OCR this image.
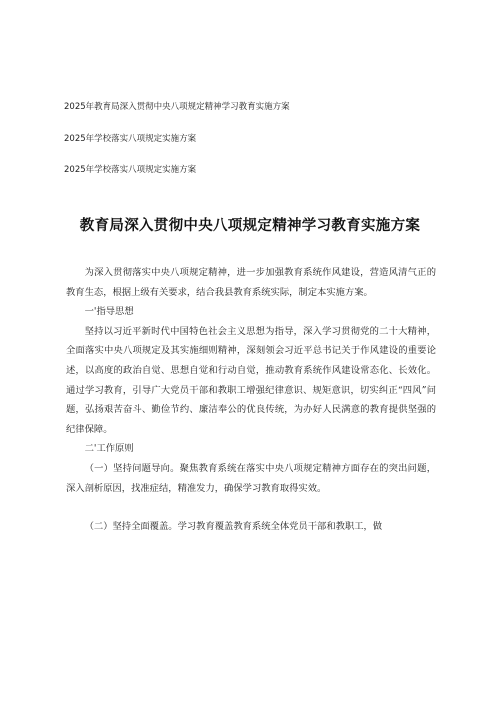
2025年教育局深入贯彻中央八项规定精神学习教育实施方案
2025年学校落实八项规定实施方案
2025年学校落实八项规定实施方案
教育局深入贯彻中央八项规定精神学习教育实施方案

为深入贯彻落实中央八项规定精神，进一步加强教育系统作风建设，营造风清气正的教育生态，根据上级有关要求，结合我县教育系统实际，制定本实施方案。

一'指导思想

坚持以习近平新时代中国特色社会主义思想为指导，深入学习贯彻党的二十大精神，全面落实中央八项规定及其实施细则精神，深刻领会习近平总书记关于作风建设的重要论述，以高度的政治自觉、思想自觉和行动自觉，推动教育系统作风建设常态化、长效化。通过学习教育，引导广大党员干部和教职工增强纪律意识、规矩意识，切实纠正“四风”问题，弘扬艰苦奋斗、勤俭节约、廉洁奉公的优良传统，为办好人民满意的教育提供坚强的纪律保障。

二'工作原则

（一）坚持问题导向。聚焦教育系统在落实中央八项规定精神方面存在的突出问题，深入剖析原因，找准症结，精准发力，确保学习教育取得实效。

（二）坚持全面覆盖。学习教育覆盖教育系统全体党员干部和教职工，做
